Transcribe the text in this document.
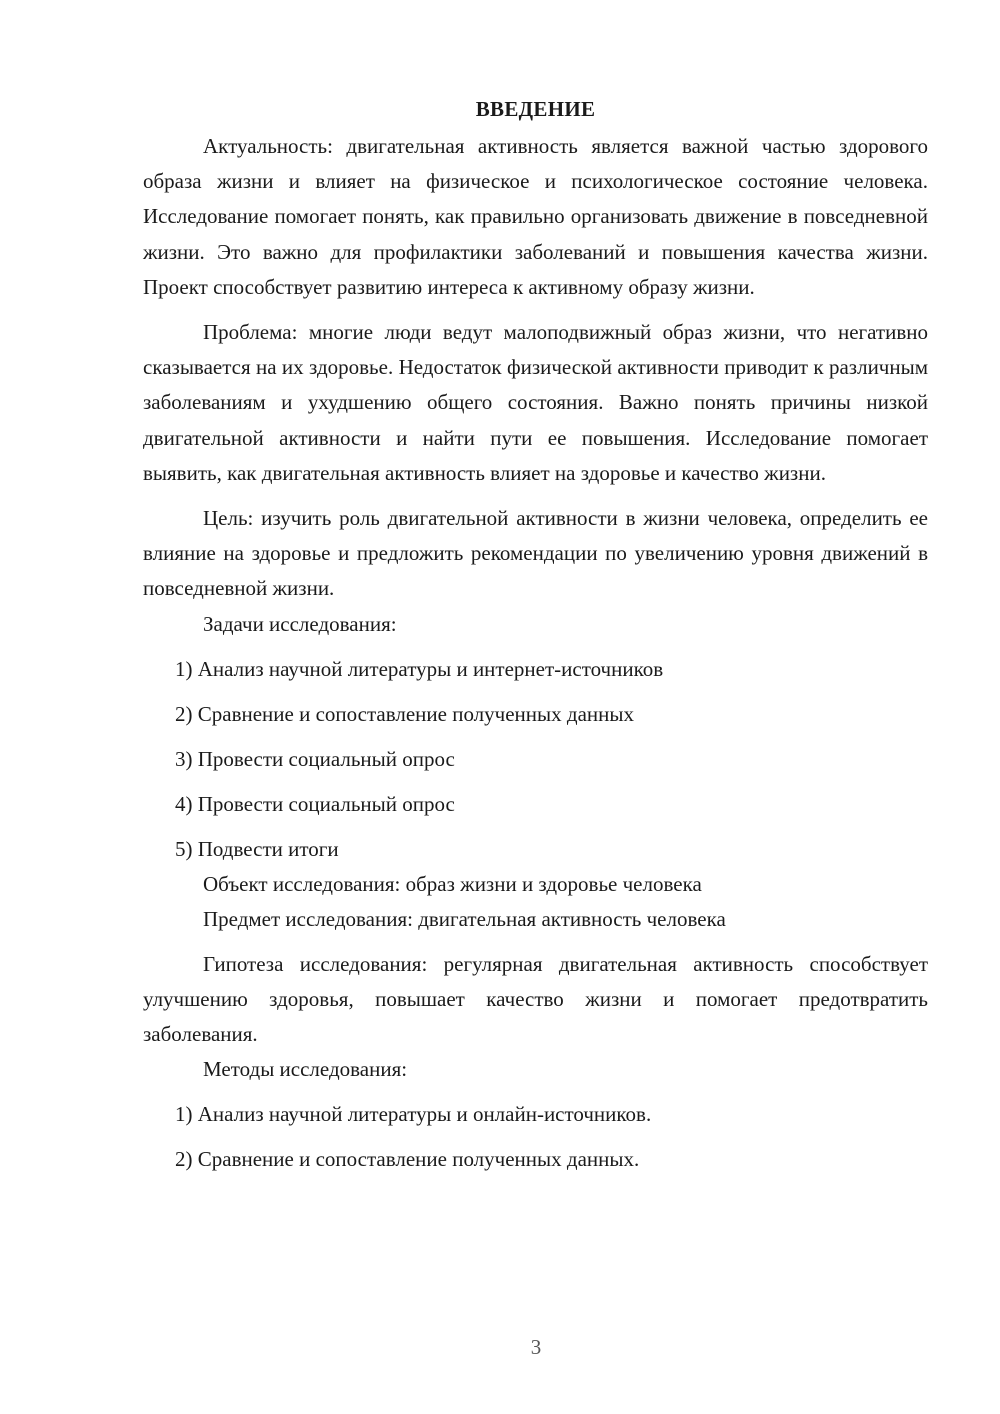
ВВЕДЕНИЕ

Актуальность: двигательная активность является важной частью здорового образа жизни и влияет на физическое и психологическое состояние человека. Исследование помогает понять, как правильно организовать движение в повседневной жизни. Это важно для профилактики заболеваний и повышения качества жизни. Проект способствует развитию интереса к активному образу жизни.

Проблема: многие люди ведут малоподвижный образ жизни, что негативно сказывается на их здоровье. Недостаток физической активности приводит к различным заболеваниям и ухудшению общего состояния. Важно понять причины низкой двигательной активности и найти пути ее повышения. Исследование помогает выявить, как двигательная активность влияет на здоровье и качество жизни.

Цель: изучить роль двигательной активности в жизни человека, определить ее влияние на здоровье и предложить рекомендации по увеличению уровня движений в повседневной жизни.

Задачи исследования:

1) Анализ научной литературы и интернет-источников

2) Сравнение и сопоставление полученных данных

3) Провести социальный опрос

4) Провести социальный опрос

5) Подвести итоги

Объект исследования: образ жизни и здоровье человека

Предмет исследования: двигательная активность человека

Гипотеза исследования: регулярная двигательная активность способствует улучшению здоровья, повышает качество жизни и помогает предотвратить заболевания.

Методы исследования:

1) Анализ научной литературы и онлайн-источников.

2) Сравнение и сопоставление полученных данных.

3
